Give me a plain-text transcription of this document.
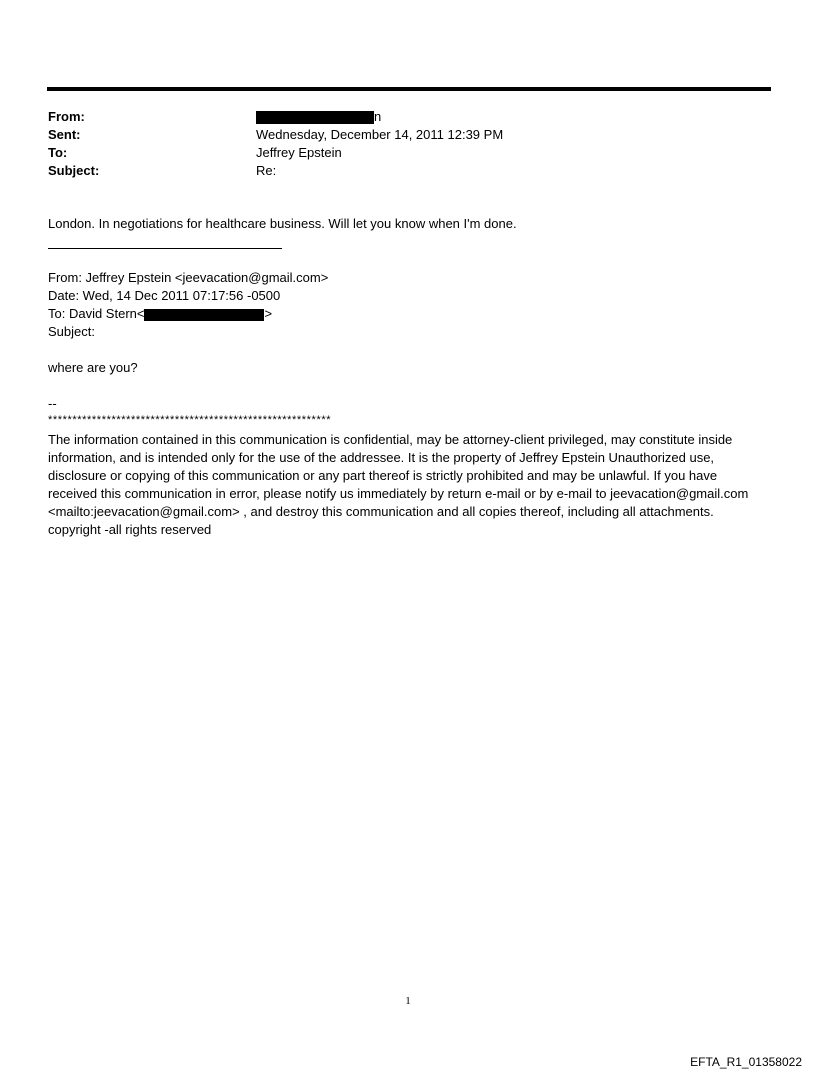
From:	n
Sent:	Wednesday, December 14, 2011 12:39 PM
To:	Jeffrey Epstein
Subject:	Re:
London. In negotiations for healthcare business. Will let you know when I'm done.
From: Jeffrey Epstein <jeevacation@gmail.com>
Date: Wed, 14 Dec 2011 07:17:56 -0500
To: David Stern<	>
Subject:
where are you?
--
**********************************************************
The information contained in this communication is confidential, may be attorney-client privileged, may constitute inside information, and is intended only for the use of the addressee. It is the property of Jeffrey Epstein Unauthorized use, disclosure or copying of this communication or any part thereof is strictly prohibited and may be unlawful. If you have received this communication in error, please notify us immediately by return e-mail or by e-mail to jeevacation@gmail.com <mailto:jeevacation@gmail.com> , and destroy this communication and all copies thereof, including all attachments. copyright -all rights reserved
1
EFTA_R1_01358022
